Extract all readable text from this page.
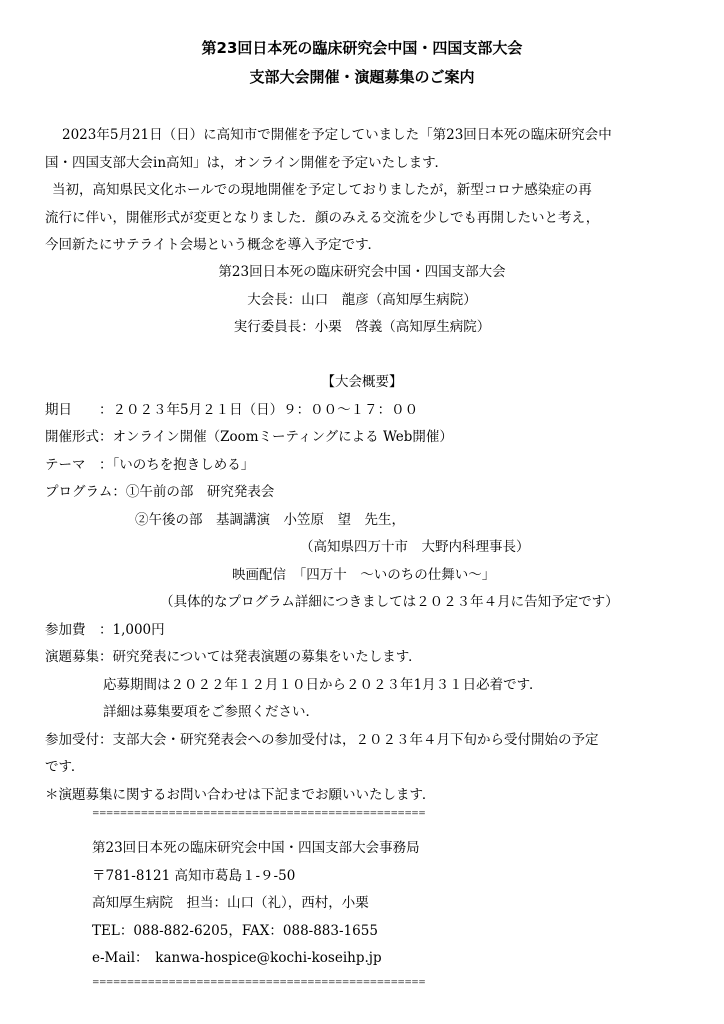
第23回日本死の臨床研究会中国・四国支部大会
支部大会開催・演題募集のご案内
2023年5月21日（日）に高知市で開催を予定していました「第23回日本死の臨床研究会中
国・四国支部大会in高知」は，オンライン開催を予定いたします．
当初，高知県民文化ホールでの現地開催を予定しておりましたが，新型コロナ感染症の再
流行に伴い，開催形式が変更となりました．顔のみえる交流を少しでも再開したいと考え，
今回新たにサテライト会場という概念を導入予定です．
第23回日本死の臨床研究会中国・四国支部大会
大会長：山口　龍彦（高知厚生病院）
実行委員長：小栗　啓義（高知厚生病院）
【大会概要】
期日　　：２０２３年5月２１日（日）９：００～１７：００
開催形式：オンライン開催（Zoomミーティングによる Web開催）
テーマ　：「いのちを抱きしめる」
プログラム：①午前の部　研究発表会
②午後の部　基調講演　小笠原　望　先生，
（高知県四万十市　大野内科理事長）
映画配信　「四万十　～いのちの仕舞い～」
（具体的なプログラム詳細につきましては２０２３年４月に告知予定です）
参加費　：1,000円
演題募集：研究発表については発表演題の募集をいたします．
応募期間は２０２２年１２月１０日から２０２３年1月３１日必着です．
詳細は募集要項をご参照ください．
参加受付：支部大会・研究発表会への参加受付は，２０２３年４月下旬から受付開始の予定
です．
＊演題募集に関するお問い合わせは下記までお願いいたします．
================================================
第23回日本死の臨床研究会中国・四国支部大会事務局
〒781-8121 高知市葛島１-９-50
高知厚生病院　担当：山口（礼），西村，小栗
TEL：088-882-6205，FAX：088-883-1655
e-Mail：　kanwa-hospice@kochi-koseihp.jp
================================================
